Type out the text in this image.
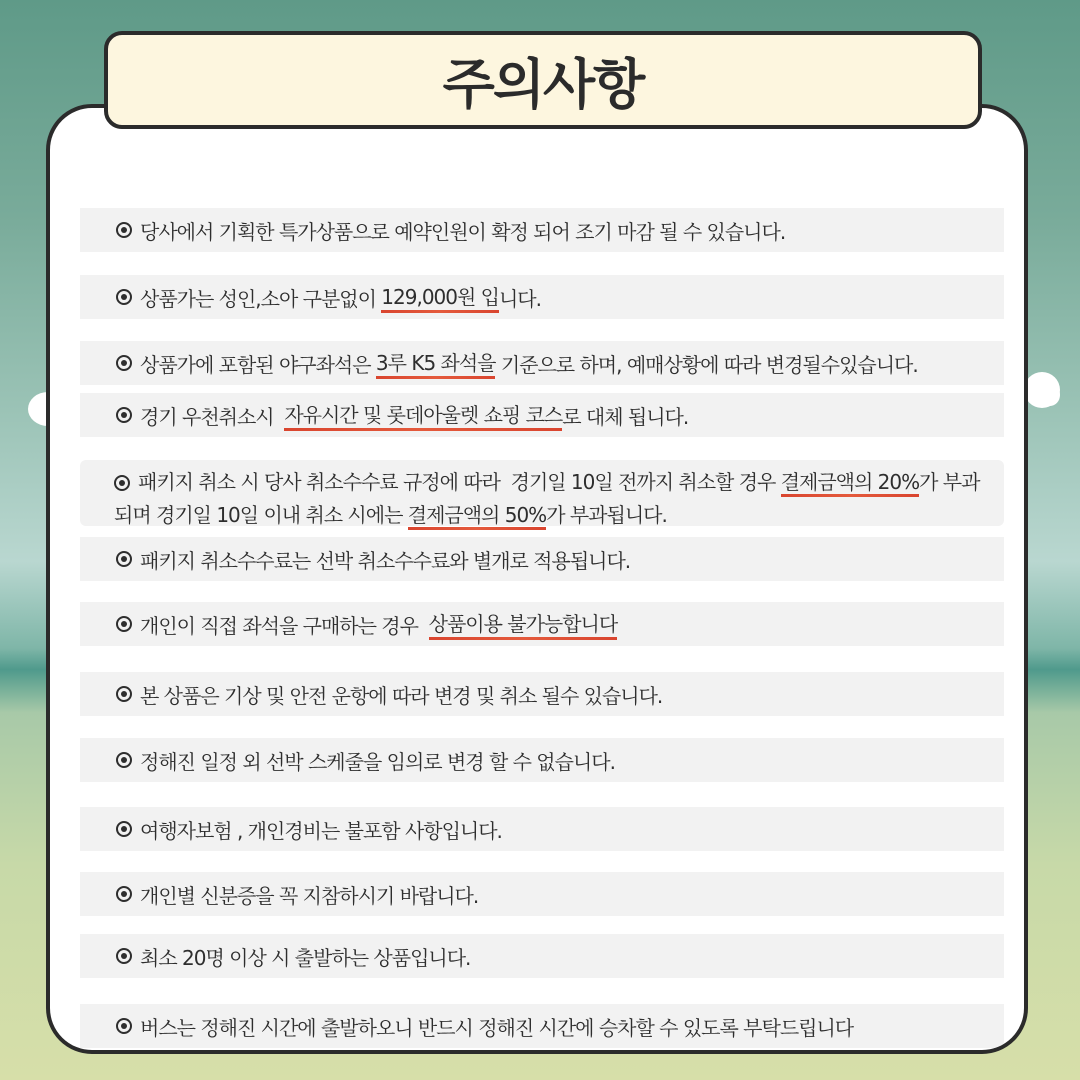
주의사항
당사에서 기획한 특가상품으로 예약인원이 확정 되어 조기 마감 될 수 있습니다.
상품가는 성인,소아 구분없이 129,000원 입 니다.
상품가에 포함된 야구좌석은 3루 K5 좌석을 기준으로 하며, 예매상황에 따라 변경될수있습니다.
경기 우천취소시 자유시간 및 롯데아울렛 쇼핑 코스 로 대체 됩니다.
패키지 취소 시 당사 취소수수료 규정에 따라  경기일 10일 전까지 취소할 경우 결제금액의 20%가 부과되며 경기일 10일 이내 취소 시에는 결제금액의 50%가 부과됩니다.
패키지 취소수수료는 선박 취소수수료와 별개로 적용됩니다.
개인이 직접 좌석을 구매하는 경우 상품이용 불가능합니다
본 상품은 기상 및 안전 운항에 따라 변경 및 취소 될수 있습니다.
정해진 일정 외 선박 스케줄을 임의로 변경 할 수 없습니다.
여행자보험 , 개인경비는 불포함 사항입니다.
개인별 신분증을 꼭 지참하시기 바랍니다.
최소 20명 이상 시 출발하는 상품입니다.
버스는 정해진 시간에 출발하오니 반드시 정해진 시간에 승차할 수 있도록 부탁드립니다
